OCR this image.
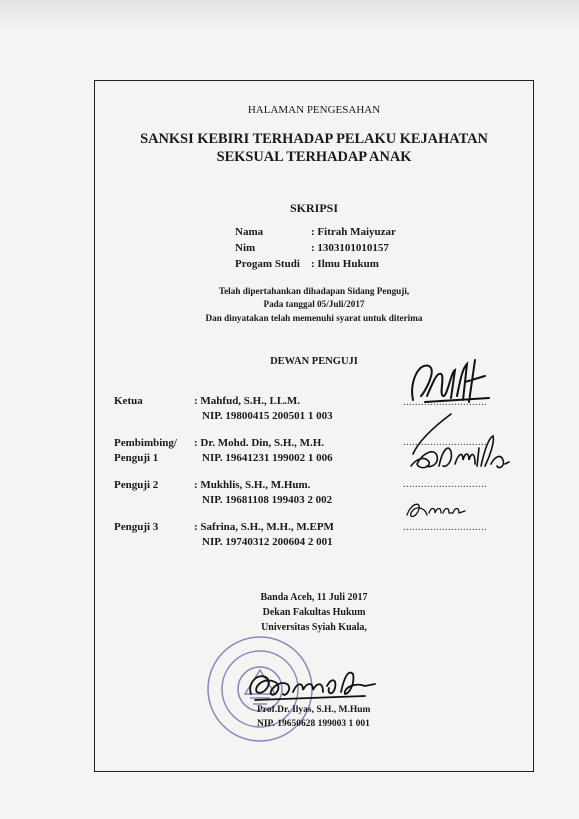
HALAMAN PENGESAHAN
SANKSI KEBIRI TERHADAP PELAKU KEJAHATAN
SEKSUAL TERHADAP ANAK
SKRIPSI
Nama	: Fitrah Maiyuzar
Nim	: 1303101010157
Progam Studi : Ilmu Hukum
Telah dipertahankan dihadapan Sidang Penguji,
Pada tanggal 05/Juli/2017
Dan dinyatakan telah memenuhi syarat untuk diterima
DEWAN PENGUJI
Ketua	: Mahfud, S.H., LL.M.
NIP. 19800415 200501 1 003
............................
Pembimbing/
Penguji 1
: Dr. Mohd. Din, S.H., M.H.
NIP. 19641231 199002 1 006
............................
Penguji 2	: Mukhlis, S.H., M.Hum.
NIP. 19681108 199403 2 002
............................
Penguji 3	: Safrina, S.H., M.H., M.EPM
NIP. 19740312 200604 2 001
............................
Banda Aceh, 11 Juli 2017
Dekan Fakultas Hukum
Universitas Syiah Kuala,
Prof.Dr. Ilyas, S.H., M.Hum
NIP. 19650628 199003 1 001
